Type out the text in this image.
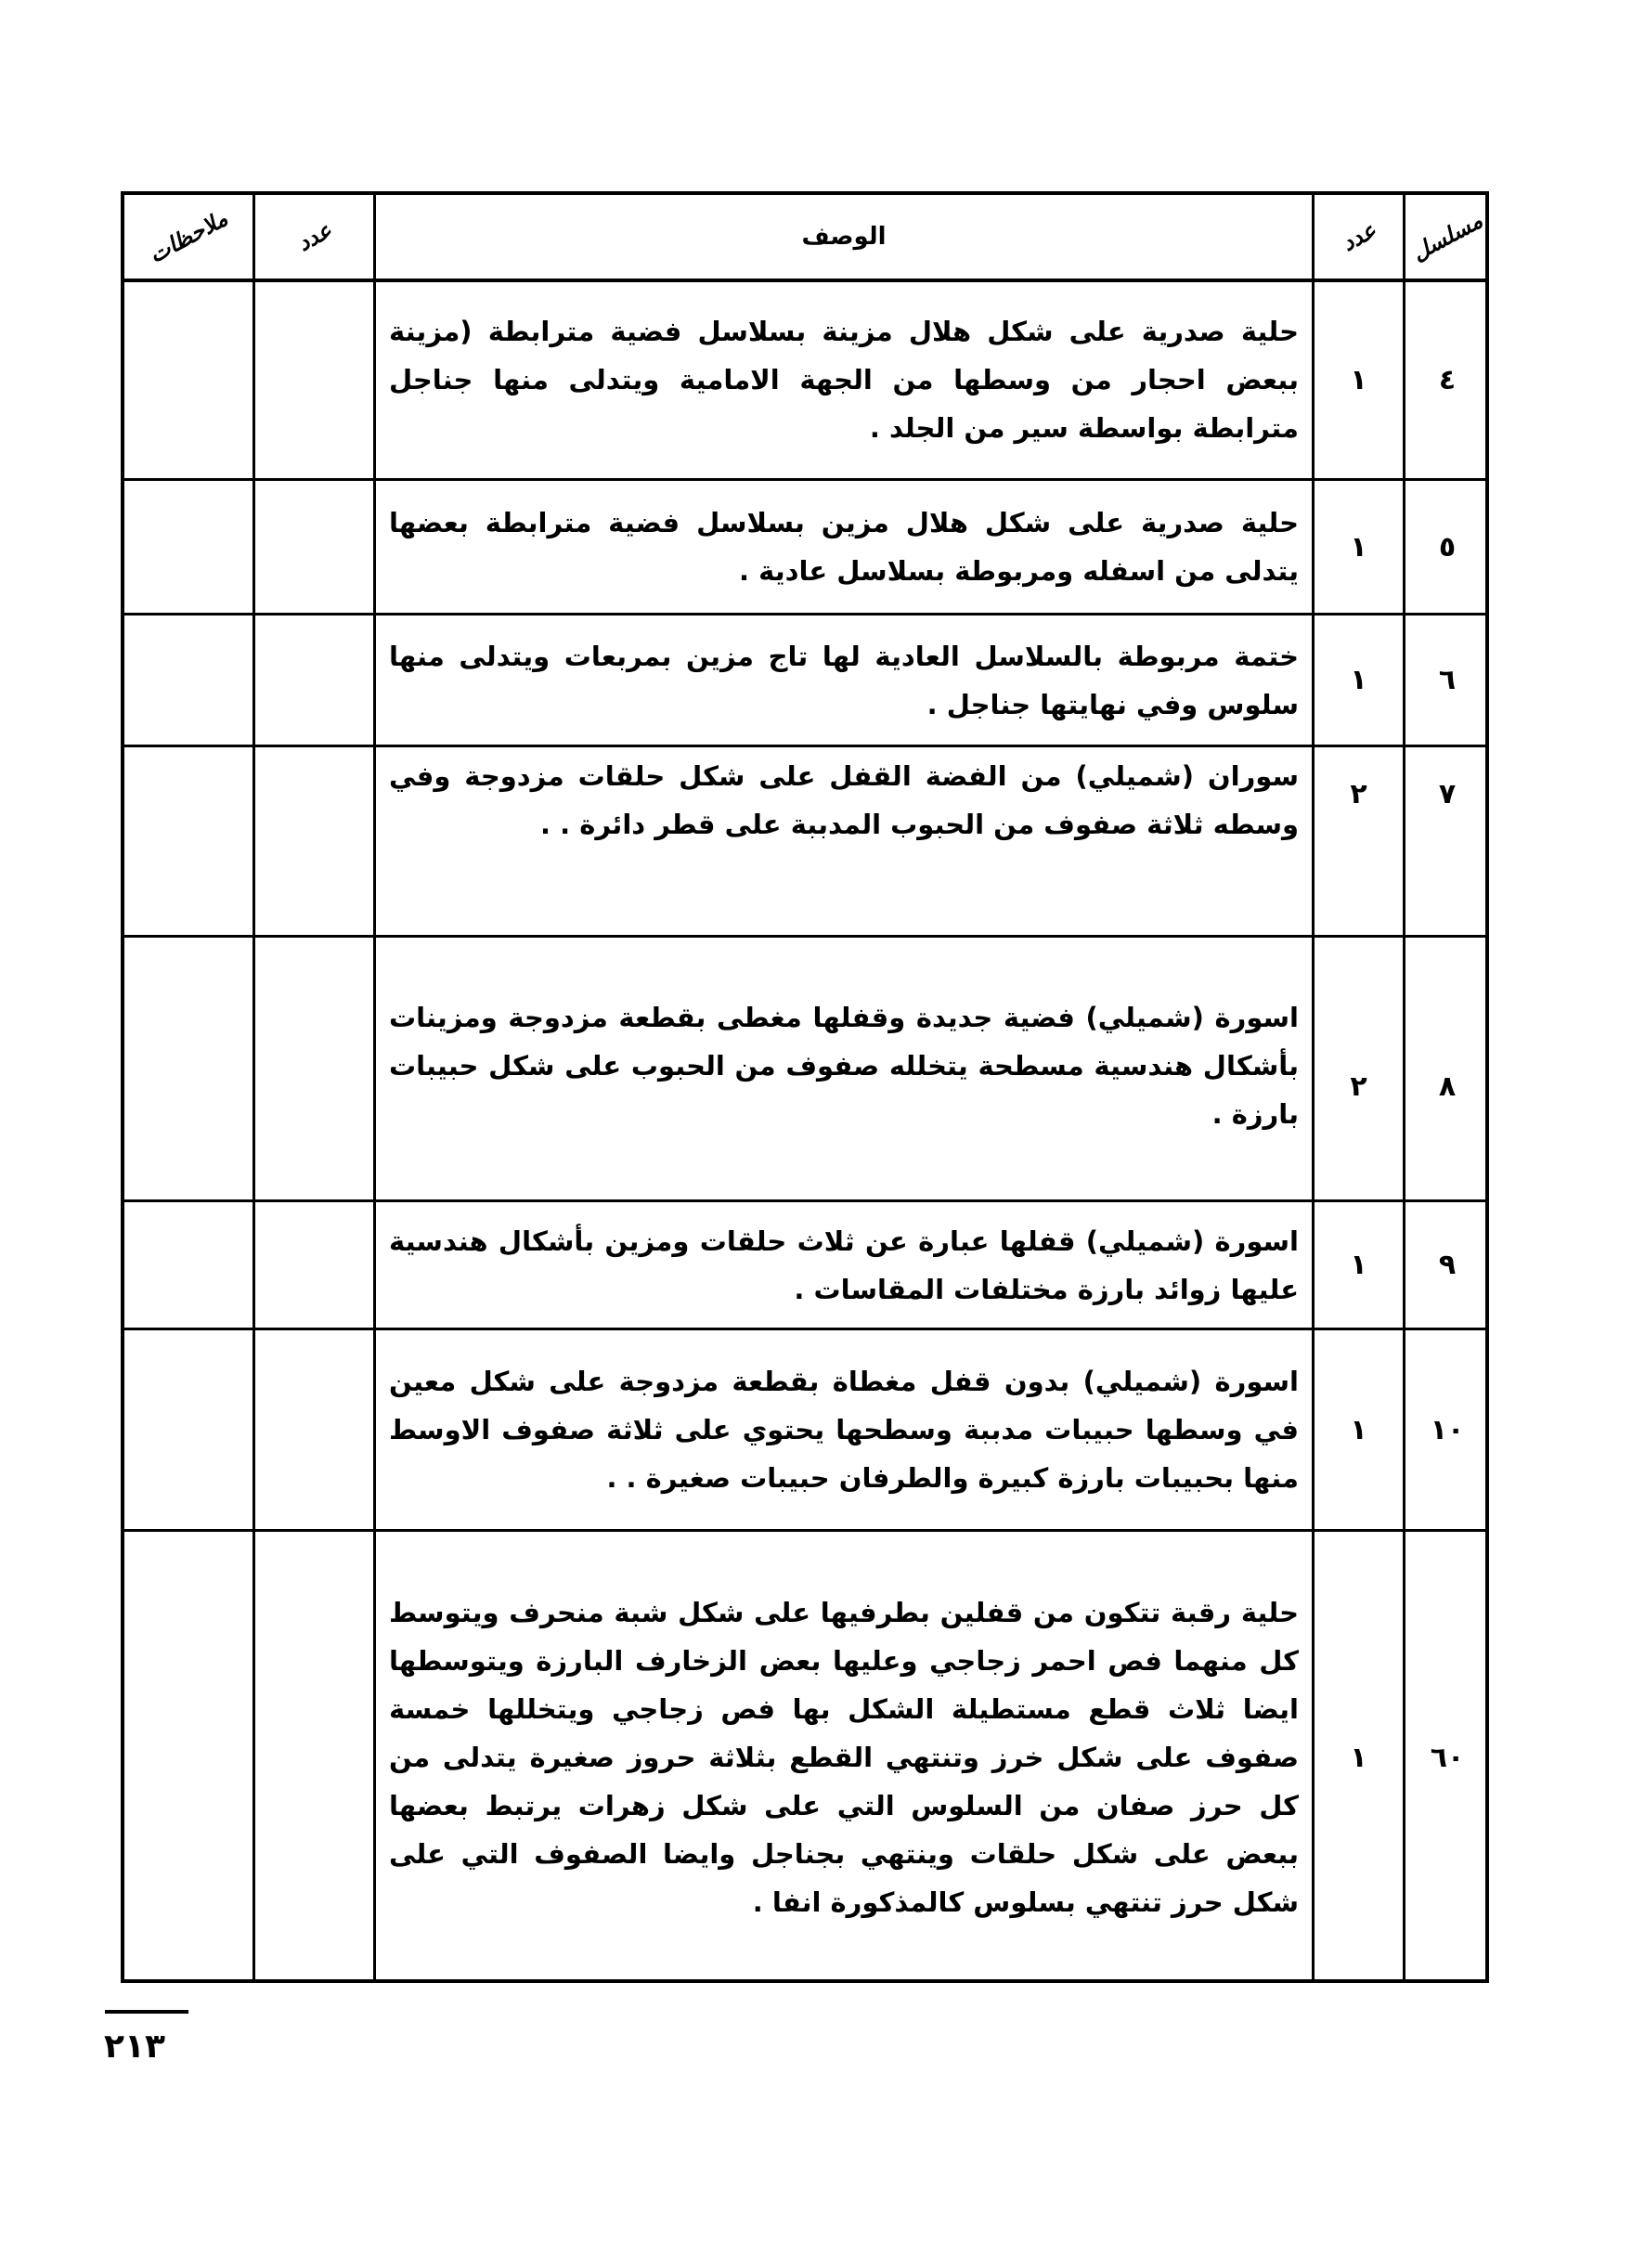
مسلسل
عدد
الوصف
عدد
ملاحظات
٤
١
حلية صدرية على شكل هلال مزينة بسلاسل فضية مترابطة (مزينة ببعض احجار من وسطها من الجهة الامامية ويتدلى منها جناجل مترابطة بواسطة سير من الجلد .
٥
١
حلية صدرية على شكل هلال مزين بسلاسل فضية مترابطة بعضها يتدلى من اسفله ومربوطة بسلاسل عادية .
٦
١
ختمة مربوطة بالسلاسل العادية لها تاج مزين بمربعات ويتدلى منها سلوس وفي نهايتها جناجل .
٧
٢
سوران (شميلي) من الفضة القفل على شكل حلقات مزدوجة وفي وسطه ثلاثة صفوف من الحبوب المدببة على قطر دائرة . .
٨
٢
اسورة (شميلي) فضية جديدة وقفلها مغطى بقطعة مزدوجة ومزينات بأشكال هندسية مسطحة يتخلله صفوف من الحبوب على شكل حبيبات بارزة .
٩
١
اسورة (شميلي) قفلها عبارة عن ثلاث حلقات ومزين بأشكال هندسية عليها زوائد بارزة مختلفات المقاسات .
١٠
١
اسورة (شميلي) بدون قفل مغطاة بقطعة مزدوجة على شكل معين في وسطها حبيبات مدببة وسطحها يحتوي على ثلاثة صفوف الاوسط منها بحبيبات بارزة كبيرة والطرفان حبيبات صغيرة . .
٦٠
١
حلية رقبة تتكون من قفلين بطرفيها على شكل شبة منحرف ويتوسط كل منهما فص احمر زجاجي وعليها بعض الزخارف البارزة ويتوسطها ايضا ثلاث قطع مستطيلة الشكل بها فص زجاجي ويتخللها خمسة صفوف على شكل خرز وتنتهي القطع بثلاثة حروز صغيرة يتدلى من كل حرز صفان من السلوس التي على شكل زهرات يرتبط بعضها ببعض على شكل حلقات وينتهي بجناجل وايضا الصفوف التي على شكل حرز تنتهي بسلوس كالمذكورة انفا .
٢١٣
